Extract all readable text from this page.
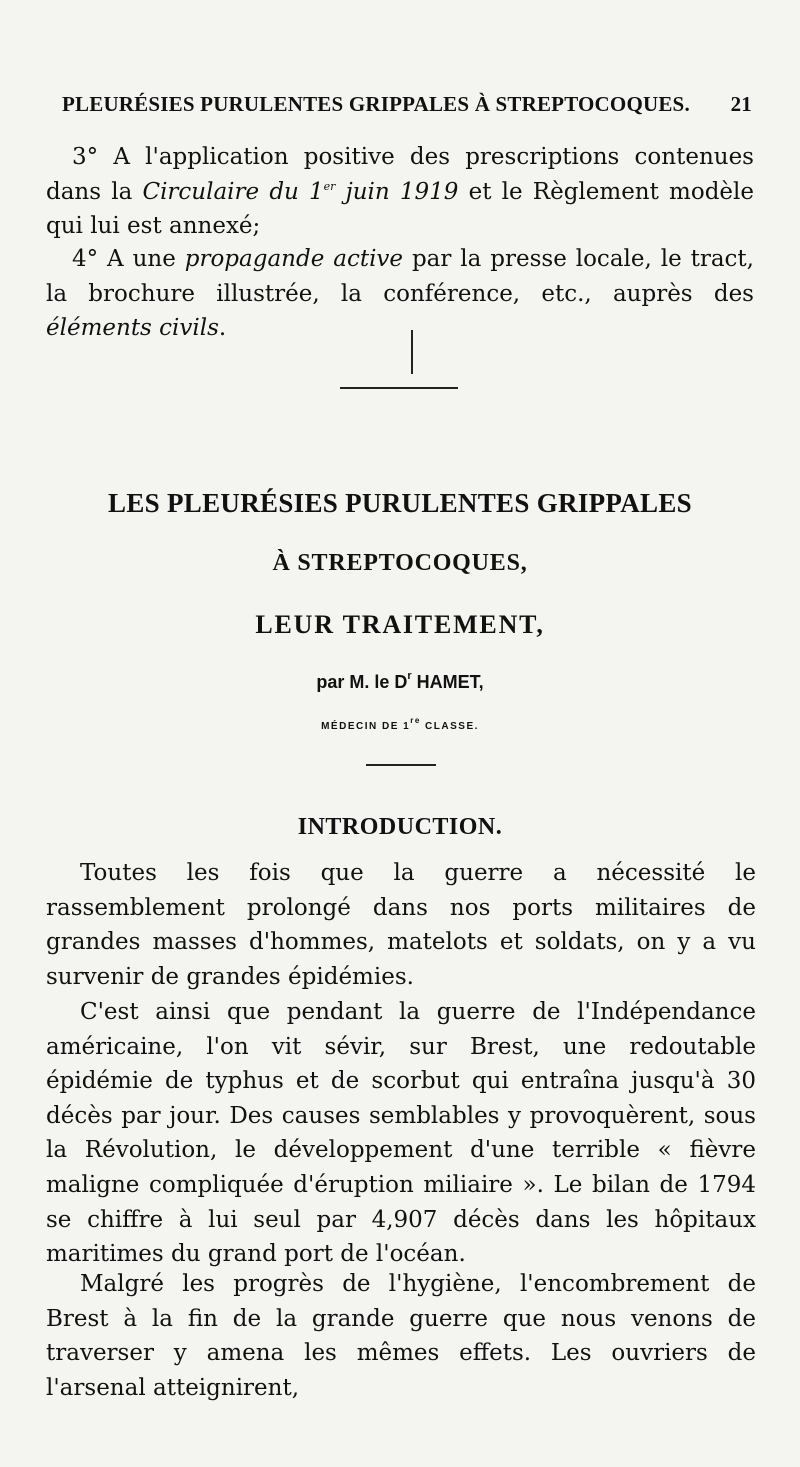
PLEURÉSIES PURULENTES GRIPPALES À STREPTOCOQUES. 21
3° A l'application positive des prescriptions contenues dans la Circulaire du 1er juin 1919 et le Règlement modèle qui lui est annexé;
4° A une propagande active par la presse locale, le tract, la brochure illustrée, la conférence, etc., auprès des éléments civils.
LES PLEURÉSIES PURULENTES GRIPPALES
À STREPTOCOQUES,
LEUR TRAITEMENT,
par M. le $D^r$ HAMET,
MÉDECIN DE 1re CLASSE.
INTRODUCTION.
Toutes les fois que la guerre a nécessité le rassemblement prolongé dans nos ports militaires de grandes masses d'hommes, matelots et soldats, on y a vu survenir de grandes épidémies.
C'est ainsi que pendant la guerre de l'Indépendance américaine, l'on vit sévir, sur Brest, une redoutable épidémie de typhus et de scorbut qui entraîna jusqu'à 30 décès par jour. Des causes semblables y provoquèrent, sous la Révolution, le développement d'une terrible « fièvre maligne compliquée d'éruption miliaire ». Le bilan de 1794 se chiffre à lui seul par 4,907 décès dans les hôpitaux maritimes du grand port de l'océan.
Malgré les progrès de l'hygiène, l'encombrement de Brest à la fin de la grande guerre que nous venons de traverser y amena les mêmes effets. Les ouvriers de l'arsenal atteignirent,
